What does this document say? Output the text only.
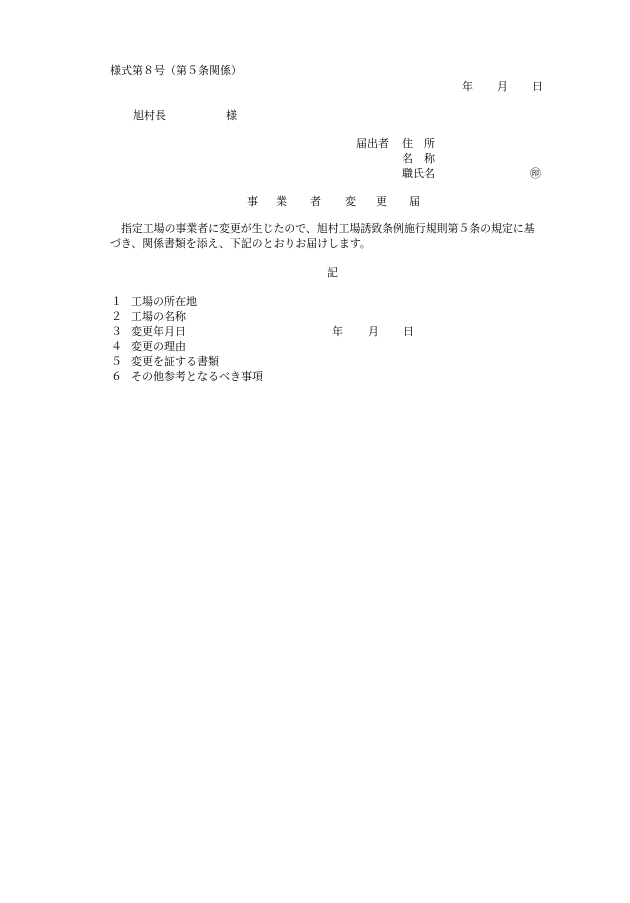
様式第８号（第５条関係）
年 月 日
旭村長	様
届出者 住　所
名　称
職氏名	㊞
事 業 者 変 更 届
指定工場の事業者に変更が生じたので、旭村工場誘致条例施行規則第５条の規定に基
づき、関係書類を添え、下記のとおりお届けします。
記
１ 工場の所在地
２ 工場の名称
３ 変更年月日	年 月 日
４ 変更の理由
５ 変更を証する書類
６ その他参考となるべき事項
